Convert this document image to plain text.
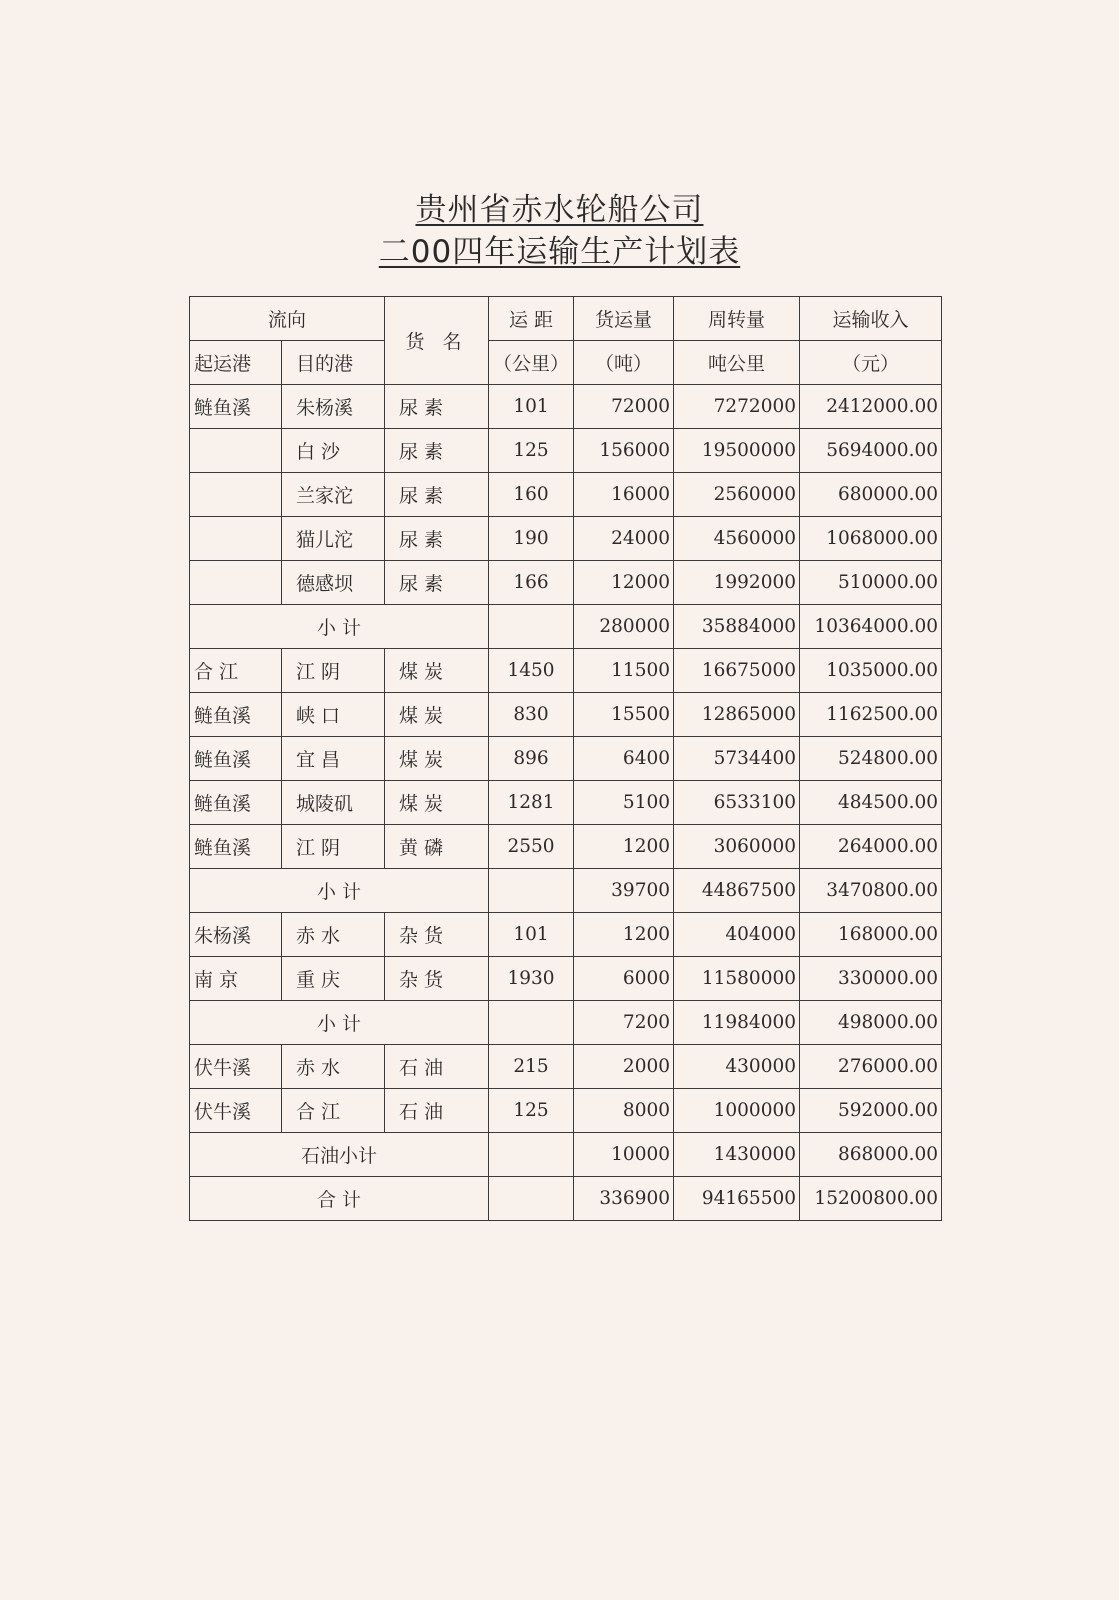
贵州省赤水轮船公司
二00四年运输生产计划表
流向		货 名	运 距	货运量	周转量	运输收入
起运港	目的港		（公里）	（吨）	吨公里	（元）
鲢鱼溪	朱杨溪	尿 素	101	72000	7272000	2412000.00
	白 沙	尿 素	125	156000	19500000	5694000.00
	兰家沱	尿 素	160	16000	2560000	680000.00
	猫儿沱	尿 素	190	24000	4560000	1068000.00
	德感坝	尿 素	166	12000	1992000	510000.00
小 计				280000	35884000	10364000.00
合 江	江 阴	煤 炭	1450	11500	16675000	1035000.00
鲢鱼溪	峡 口	煤 炭	830	15500	12865000	1162500.00
鲢鱼溪	宜 昌	煤 炭	896	6400	5734400	524800.00
鲢鱼溪	城陵矶	煤 炭	1281	5100	6533100	484500.00
鲢鱼溪	江 阴	黄 磷	2550	1200	3060000	264000.00
小 计				39700	44867500	3470800.00
朱杨溪	赤 水	杂 货	101	1200	404000	168000.00
南 京	重 庆	杂 货	1930	6000	11580000	330000.00
小 计				7200	11984000	498000.00
伏牛溪	赤 水	石 油	215	2000	430000	276000.00
伏牛溪	合 江	石 油	125	8000	1000000	592000.00
石油小计				10000	1430000	868000.00
合 计				336900	94165500	15200800.00
